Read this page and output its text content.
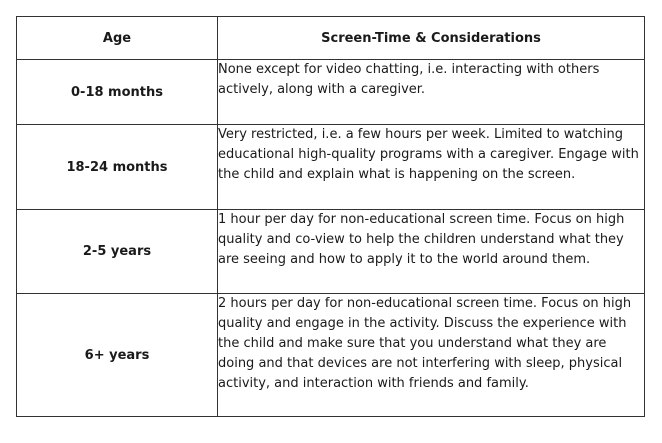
Age	Screen-Time & Considerations
0-18 months	None except for video chatting, i.e. interacting with others actively, along with a caregiver.
18-24 months	Very restricted, i.e. a few hours per week. Limited to watching educational high-quality programs with a caregiver. Engage with the child and explain what is happening on the screen.
2-5 years	1 hour per day for non-educational screen time. Focus on high quality and co-view to help the children understand what they are seeing and how to apply it to the world around them.
6+ years	2 hours per day for non-educational screen time. Focus on high quality and engage in the activity. Discuss the experience with the child and make sure that you understand what they are doing and that devices are not interfering with sleep, physical activity, and interaction with friends and family.
